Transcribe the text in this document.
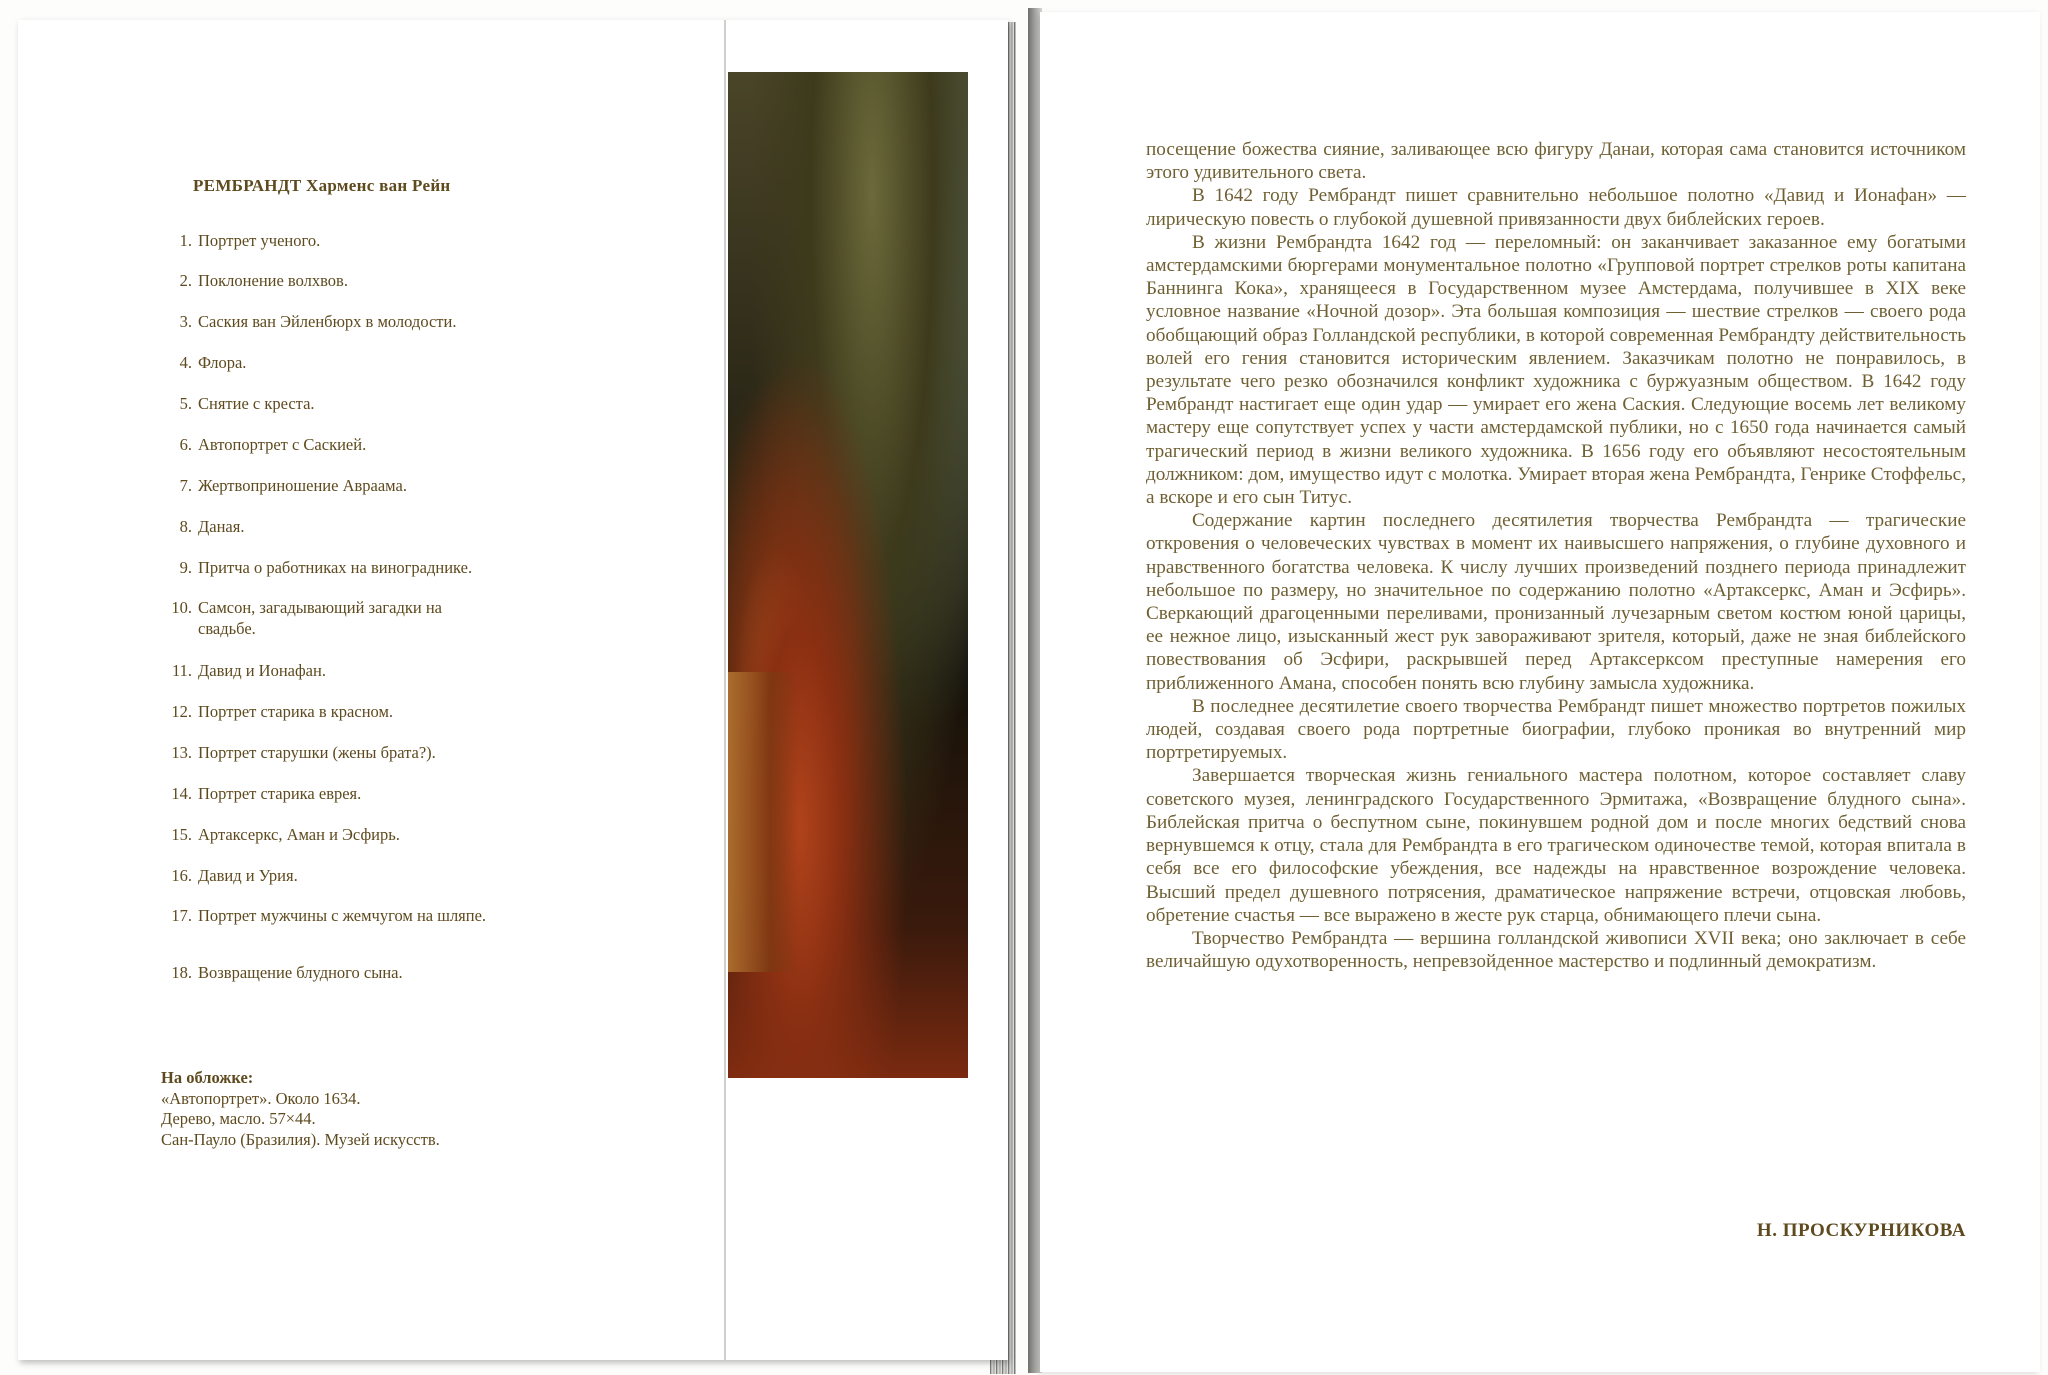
РЕМБРАНДТ Харменс ван Рейн
1. Портрет ученого.
2. Поклонение волхвов.
3. Саския ван Эйленбюрх в молодости.
4. Флора.
5. Снятие с креста.
6. Автопортрет с Саскией.
7. Жертвоприношение Авраама.
8. Даная.
9. Притча о работниках на винограднике.
10. Самсон, загадывающий загадки на свадьбе.
11. Давид и Ионафан.
12. Портрет старика в красном.
13. Портрет старушки (жены брата?).
14. Портрет старика еврея.
15. Артаксеркс, Аман и Эсфирь.
16. Давид и Урия.
17. Портрет мужчины с жемчугом на шляпе.
18. Возвращение блудного сына.
На обложке:
«Автопортрет». Около 1634.
Дерево, масло. 57×44.
Сан-Пауло (Бразилия). Музей искусств.

посещение божества сияние, заливающее всю фигуру Данаи, которая сама становится источником этого удивительного света.

В 1642 году Рембрандт пишет сравнительно небольшое полотно «Давид и Ионафан» — лирическую повесть о глубокой душевной привязанности двух библейских героев.

В жизни Рембрандта 1642 год — переломный: он заканчивает заказанное ему богатыми амстердамскими бюргерами монументальное полотно «Групповой портрет стрелков роты капитана Баннинга Кока», хранящееся в Государственном музее Амстердама, получившее в XIX веке условное название «Ночной дозор». Эта большая композиция — шествие стрелков — своего рода обобщающий образ Голландской республики, в которой современная Рембрандту действительность волей его гения становится историческим явлением. Заказчикам полотно не понравилось, в результате чего резко обозначился конфликт художника с буржуазным обществом. В 1642 году Рембрандт настигает еще один удар — умирает его жена Саския. Следующие восемь лет великому мастеру еще сопутствует успех у части амстердамской публики, но с 1650 года начинается самый трагический период в жизни великого художника. В 1656 году его объявляют несостоятельным должником: дом, имущество идут с молотка. Умирает вторая жена Рембрандта, Генрике Стоффельс, а вскоре и его сын Титус.

Содержание картин последнего десятилетия творчества Рембрандта — трагические откровения о человеческих чувствах в момент их наивысшего напряжения, о глубине духовного и нравственного богатства человека. К числу лучших произведений позднего периода принадлежит небольшое по размеру, но значительное по содержанию полотно «Артаксеркс, Аман и Эсфирь». Сверкающий драгоценными переливами, пронизанный лучезарным светом костюм юной царицы, ее нежное лицо, изысканный жест рук завораживают зрителя, который, даже не зная библейского повествования об Эсфири, раскрывшей перед Артаксерксом преступные намерения его приближенного Амана, способен понять всю глубину замысла художника.

В последнее десятилетие своего творчества Рембрандт пишет множество портретов пожилых людей, создавая своего рода портретные биографии, глубоко проникая во внутренний мир портретируемых.

Завершается творческая жизнь гениального мастера полотном, которое составляет славу советского музея, ленинградского Государственного Эрмитажа, «Возвращение блудного сына». Библейская притча о беспутном сыне, покинувшем родной дом и после многих бедствий снова вернувшемся к отцу, стала для Рембрандта в его трагическом одиночестве темой, которая впитала в себя все его философские убеждения, все надежды на нравственное возрождение человека. Высший предел душевного потрясения, драматическое напряжение встречи, отцовская любовь, обретение счастья — все выражено в жесте рук старца, обнимающего плечи сына.

Творчество Рембрандта — вершина голландской живописи XVII века; оно заключает в себе величайшую одухотворенность, непревзойденное мастерство и подлинный демократизм.

Н. ПРОСКУРНИКОВА
